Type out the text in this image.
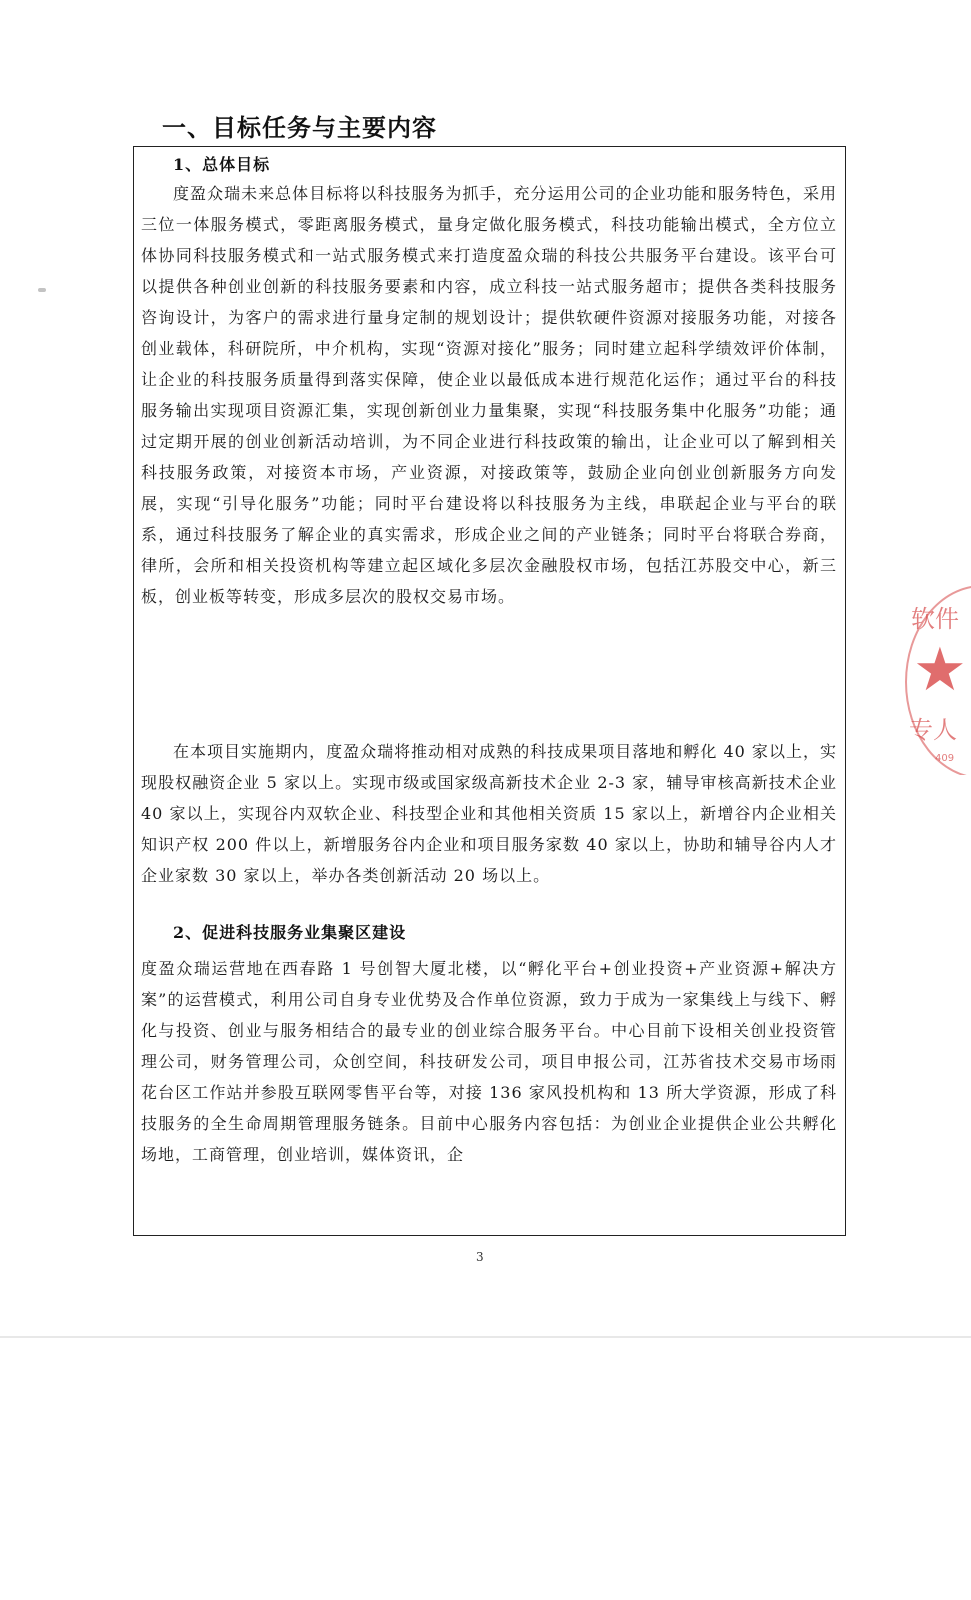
一、目标任务与主要内容
1、总体目标

度盈众瑞未来总体目标将以科技服务为抓手，充分运用公司的企业功能和服务特色，采用三位一体服务模式，零距离服务模式，量身定做化服务模式，科技功能输出模式，全方位立体协同科技服务模式和一站式服务模式来打造度盈众瑞的科技公共服务平台建设。该平台可以提供各种创业创新的科技服务要素和内容，成立科技一站式服务超市；提供各类科技服务咨询设计，为客户的需求进行量身定制的规划设计；提供软硬件资源对接服务功能，对接各创业载体，科研院所，中介机构，实现“资源对接化”服务；同时建立起科学绩效评价体制，让企业的科技服务质量得到落实保障，使企业以最低成本进行规范化运作；通过平台的科技服务输出实现项目资源汇集，实现创新创业力量集聚，实现“科技服务集中化服务”功能；通过定期开展的创业创新活动培训，为不同企业进行科技政策的输出，让企业可以了解到相关科技服务政策，对接资本市场，产业资源，对接政策等，鼓励企业向创业创新服务方向发展，实现“引导化服务”功能；同时平台建设将以科技服务为主线，串联起企业与平台的联系，通过科技服务了解企业的真实需求，形成企业之间的产业链条；同时平台将联合券商，律所，会所和相关投资机构等建立起区域化多层次金融股权市场，包括江苏股交中心，新三板，创业板等转变，形成多层次的股权交易市场。

在本项目实施期内，度盈众瑞将推动相对成熟的科技成果项目落地和孵化 40 家以上，实现股权融资企业 5 家以上。实现市级或国家级高新技术企业 2-3 家，辅导审核高新技术企业 40 家以上，实现谷内双软企业、科技型企业和其他相关资质 15 家以上，新增谷内企业相关知识产权 200 件以上，新增服务谷内企业和项目服务家数 40 家以上，协助和辅导谷内人才企业家数 30 家以上，举办各类创新活动 20 场以上。

2、促进科技服务业集聚区建设

度盈众瑞运营地在西春路 1 号创智大厦北楼，以“孵化平台+创业投资+产业资源+解决方案”的运营模式，利用公司自身专业优势及合作单位资源，致力于成为一家集线上与线下、孵化与投资、创业与服务相结合的最专业的创业综合服务平台。中心目前下设相关创业投资管理公司，财务管理公司，众创空间，科技研发公司，项目申报公司，江苏省技术交易市场雨花台区工作站并参股互联网零售平台等，对接 136 家风投机构和 13 所大学资源，形成了科技服务的全生命周期管理服务链条。目前中心服务内容包括：为创业企业提供企业公共孵化场地，工商管理，创业培训，媒体资讯，企

3
软件
★
专人
409
